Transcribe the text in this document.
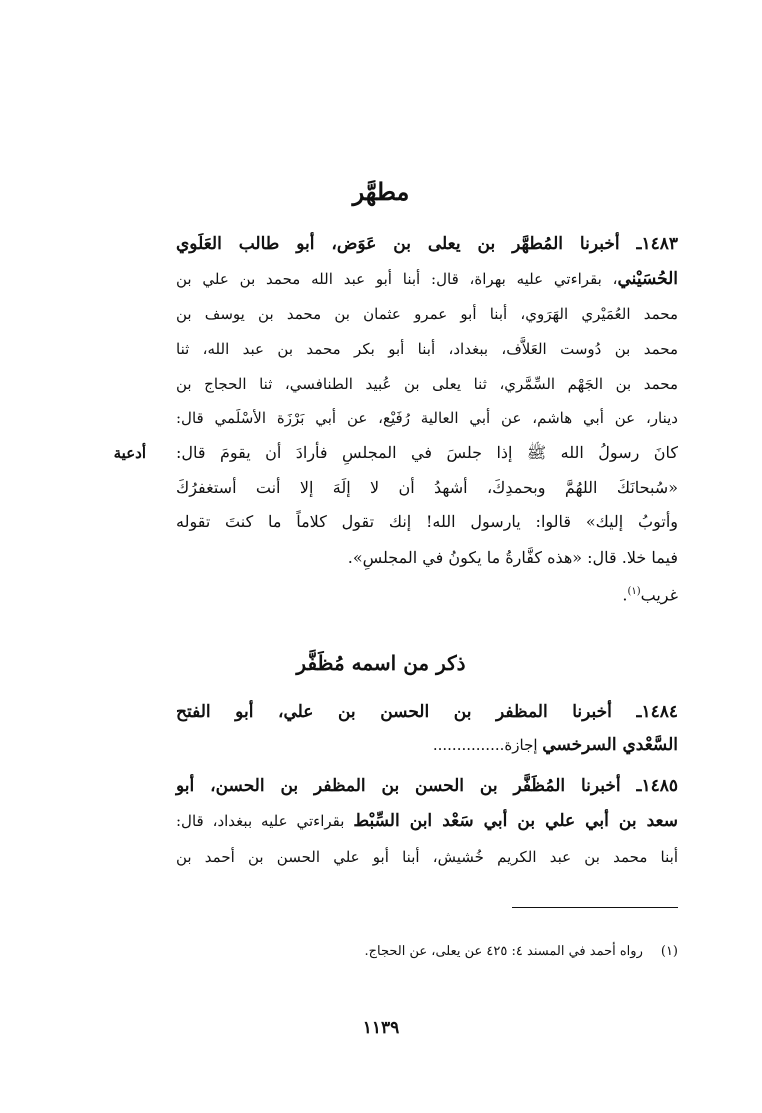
مطهَّر
١٤٨٣ـ أخبرنا المُطهَّر بن يعلى بن عَوَض، أبو طالب العَلَوي
الحُسَيْني، بقراءتي عليه بهراة، قال: أبنا أبو عبد الله محمد بن علي بن
محمد العُمَيْري الهَرَوي، أبنا أبو عمرو عثمان بن محمد بن يوسف بن
محمد بن دُوست العَلاَّف، ببغداد، أبنا أبو بكر محمد بن عبد الله، ثنا
محمد بن الجَهْم السِّمَّري، ثنا يعلى بن عُبيد الطنافسي، ثنا الحجاج بن
دينار، عن أبي هاشم، عن أبي العالية رُفَيْع، عن أبي بَرْزَة الأسْلَمي قال:
أدعية كانَ رسولُ الله ﷺ إذا جلسَ في المجلسِ فأرادَ أن يقومَ قال:
«سُبحانَكَ اللهُمَّ وبحمدِكَ، أشهدُ أن لا إلَهَ إلا أنت أستغفرُكَ
وأتوبُ إليك» قالوا: يارسول الله! إنك تقول كلاماً ما كنتَ تقوله
فيما خلا. قال: «هذه كفَّارةُ ما يكونُ في المجلسِ».
غريب$^{(١)}$.
ذكر من اسمه مُظَفَّر
١٤٨٤ـ أخبرنا المظفر بن الحسن بن علي، أبو الفتح
السَّعْدي السرخسي إجازة...............
١٤٨٥ـ أخبرنا المُظَفَّر بن الحسن بن المظفر بن الحسن، أبو
سعد بن أبي علي بن أبي سَعْد ابن السِّبْط بقراءتي عليه ببغداد، قال:
أبنا محمد بن عبد الكريم خُشيش، أبنا أبو علي الحسن بن أحمد بن
(١)رواه أحمد في المسند ٤: ٤٢٥ عن يعلى، عن الحجاج.
١١٣٩
